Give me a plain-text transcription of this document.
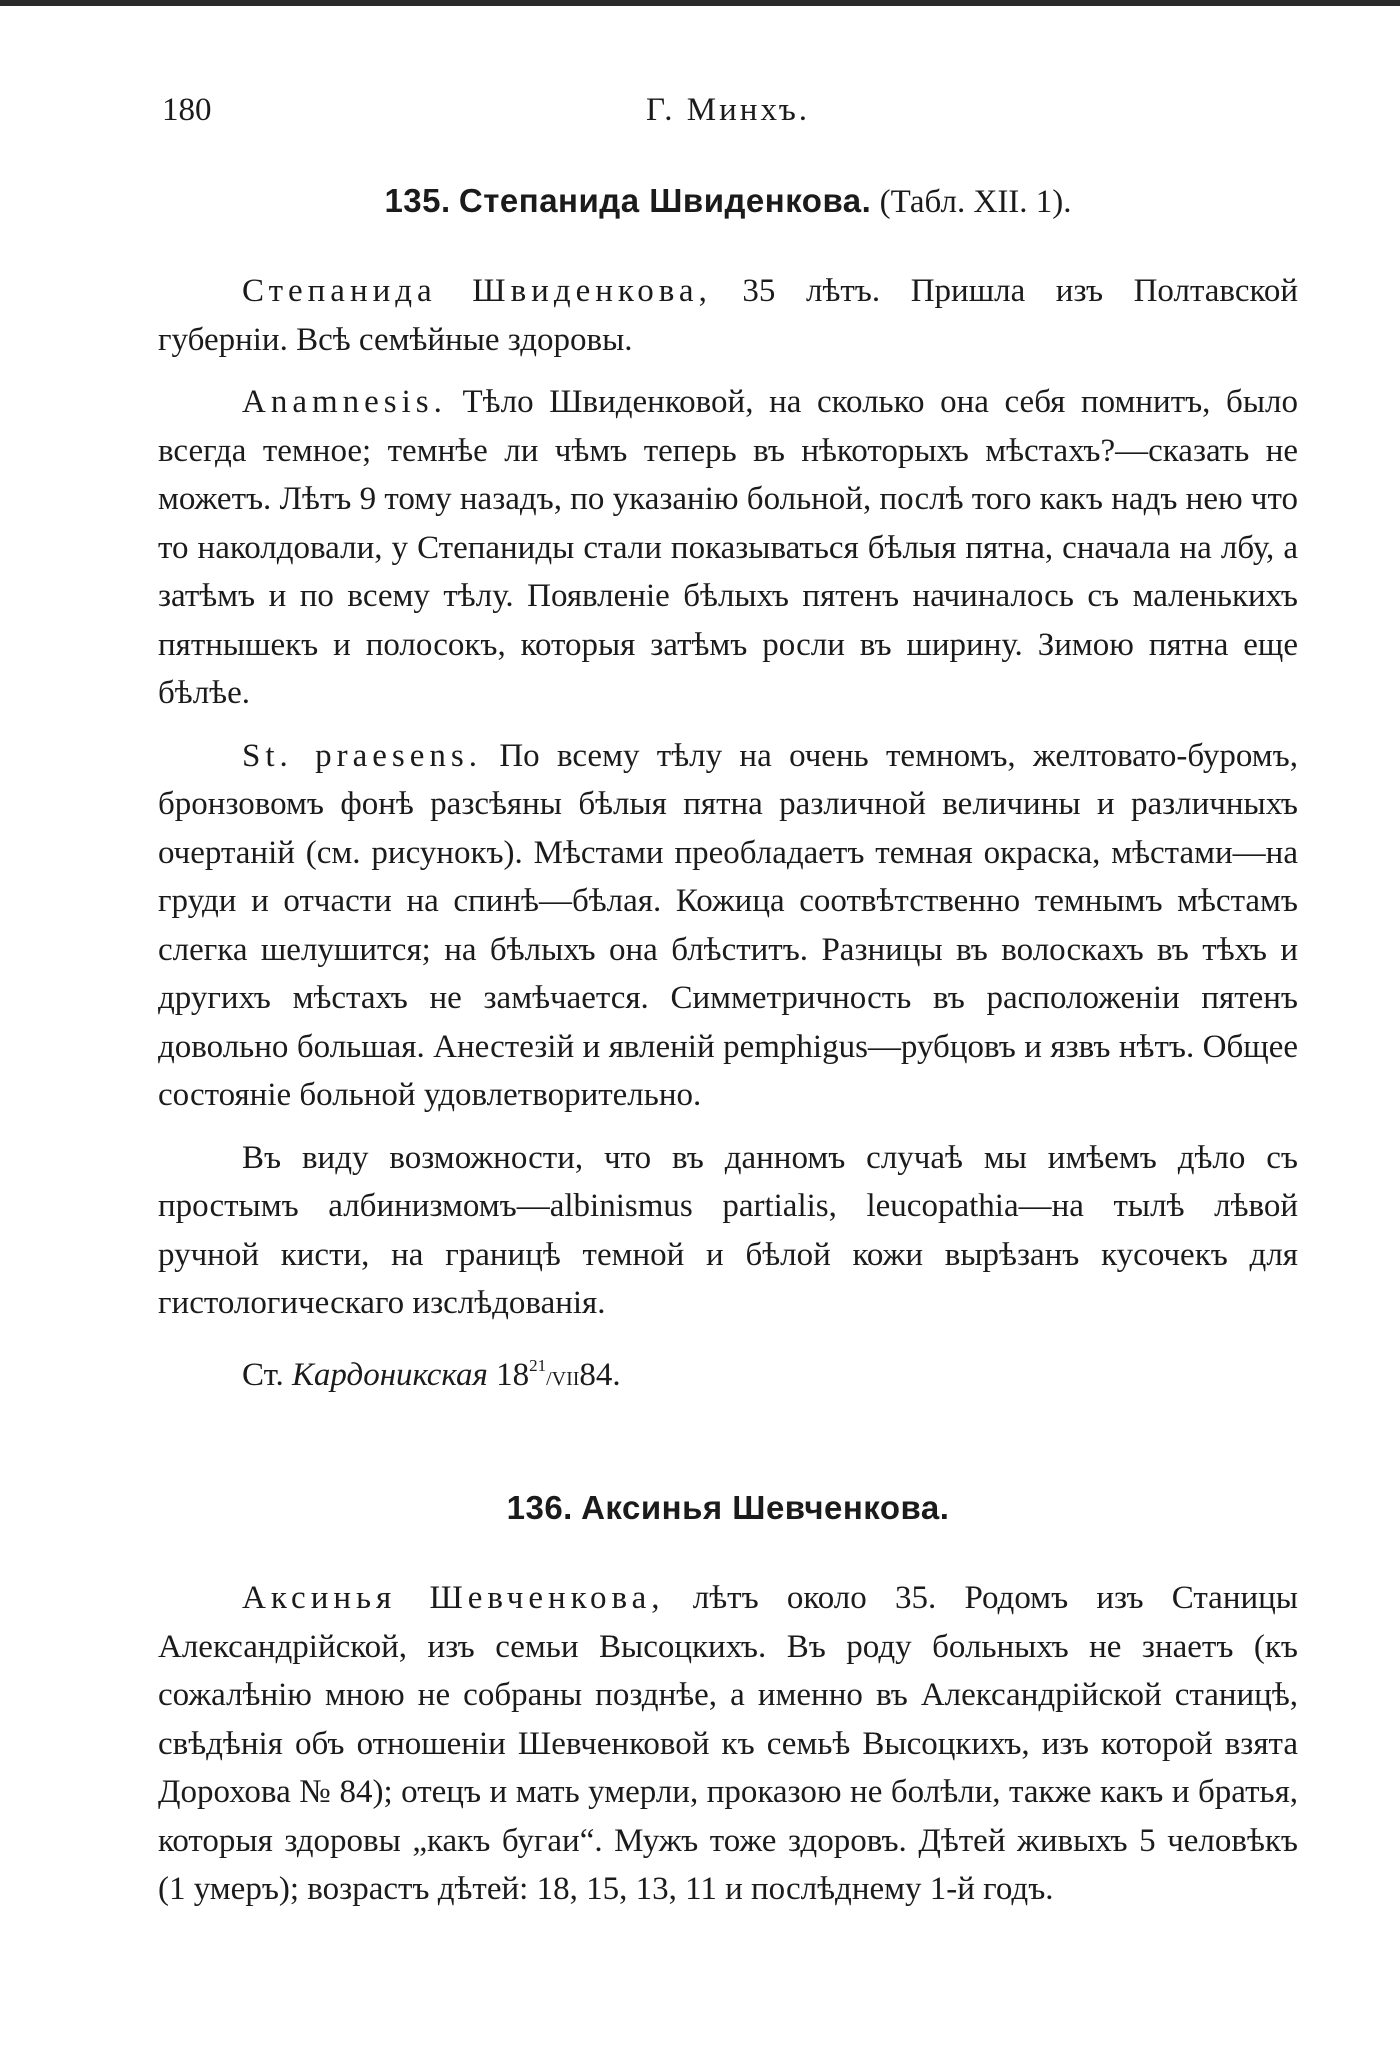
180	Г. Минхъ.
135. Степанида Швиденкова. (Табл. XII. 1).

Степанида Швиденкова, 35 лѣтъ. Пришла изъ Полтавской губерніи. Всѣ семѣйные здоровы.

Anamnesis. Тѣло Швиденковой, на сколько она себя помнитъ, было всегда темное; темнѣе ли чѣмъ теперь въ нѣкоторыхъ мѣстахъ?—сказать не можетъ. Лѣтъ 9 тому назадъ, по указанію больной, послѣ того какъ надъ нею что то наколдовали, у Степаниды стали показываться бѣлыя пятна, сначала на лбу, а затѣмъ и по всему тѣлу. Появленіе бѣлыхъ пятенъ начиналось съ маленькихъ пятнышекъ и полосокъ, которыя затѣмъ росли въ ширину. Зимою пятна еще бѣлѣе.

St. praesens. По всему тѣлу на очень темномъ, желтовато-буромъ, бронзовомъ фонѣ разсѣяны бѣлыя пятна различной величины и различныхъ очертаній (см. рисунокъ). Мѣстами преобладаетъ темная окраска, мѣстами—на груди и отчасти на спинѣ—бѣлая. Кожица соотвѣтственно темнымъ мѣстамъ слегка шелушится; на бѣлыхъ она блѣститъ. Разницы въ волоскахъ въ тѣхъ и другихъ мѣстахъ не замѣчается. Симметричность въ расположеніи пятенъ довольно большая. Анестезій и явленій pemphigus—рубцовъ и язвъ нѣтъ. Общее состояніе больной удовлетворительно.

Въ виду возможности, что въ данномъ случаѣ мы имѣемъ дѣло съ простымъ албинизмомъ—albinismus partialis, leucopathia—на тылѣ лѣвой ручной кисти, на границѣ темной и бѣлой кожи вырѣзанъ кусочекъ для гистологическаго изслѣдованія.

Ст. Кардоникская $18^{21}/VII84$.
136. Аксинья Шевченкова.

Аксинья Шевченкова, лѣтъ около 35. Родомъ изъ Станицы Александрійской, изъ семьи Высоцкихъ. Въ роду больныхъ не знаетъ (къ сожалѣнію мною не собраны позднѣе, а именно въ Александрійской станицѣ, свѣдѣнія объ отношеніи Шевченковой къ семьѣ Высоцкихъ, изъ которой взята Дорохова № 84); отецъ и мать умерли, проказою не болѣли, также какъ и братья, которыя здоровы „какъ бугаи“. Мужъ тоже здоровъ. Дѣтей живыхъ 5 человѣкъ (1 умеръ); возрастъ дѣтей: 18, 15, 13, 11 и послѣднему 1-й годъ.
